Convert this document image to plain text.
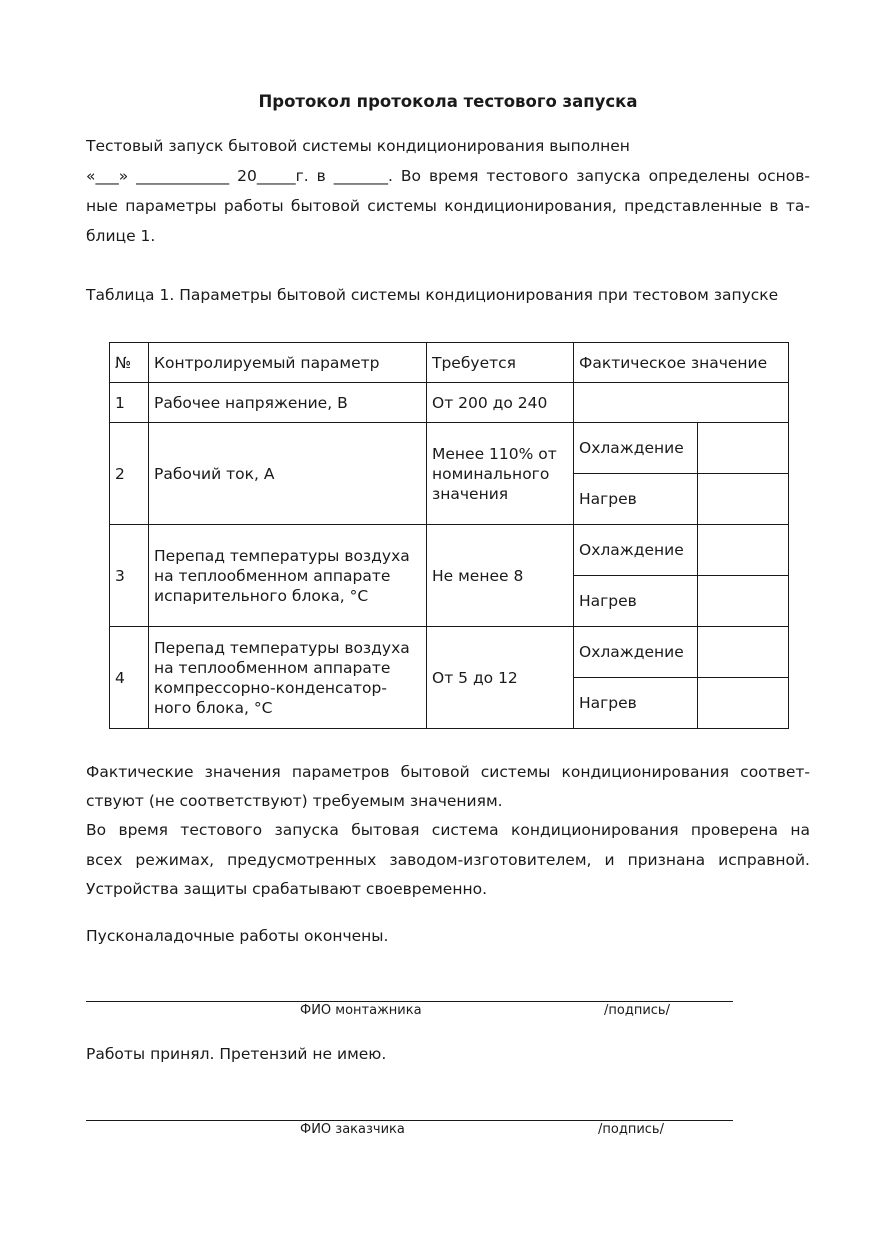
Протокол протокола тестового запуска
Тестовый запуск бытовой системы кондиционирования выполнен
«___» ____________ 20_____г. в _______. Во время тестового запуска определены основ-
ные параметры работы бытовой системы кондиционирования, представленные в та-
блице 1.
Таблица 1. Параметры бытовой системы кондиционирования при тестовом запуске
№	Контролируемый параметр	Требуется	Фактическое значение	
1	Рабочее напряжение, В	От 200 до 240		

2	Рабочий ток, А	Менее 110% от
номинального
значения	Охлаждение	
			Нагрев	
3	Перепад температуры воздуха
на теплообменном аппарате
испарительного блока, °С	Не менее 8	Охлаждение	
			Нагрев	
4	Перепад температуры воздуха
на теплообменном аппарате
компрессорно-конденсатор-
ного блока, °С	От 5 до 12	Охлаждение	
			Нагрев	
Фактические значения параметров бытовой системы кондиционирования соответ-
ствуют (не соответствуют) требуемым значениям.
Во время тестового запуска бытовая система кондиционирования проверена на
всех режимах, предусмотренных заводом-изготовителем, и признана исправной.
Устройства защиты срабатывают своевременно.
Пусконаладочные работы окончены.
ФИО монтажника	/подпись/
Работы принял. Претензий не имею.
ФИО заказчика	/подпись/
